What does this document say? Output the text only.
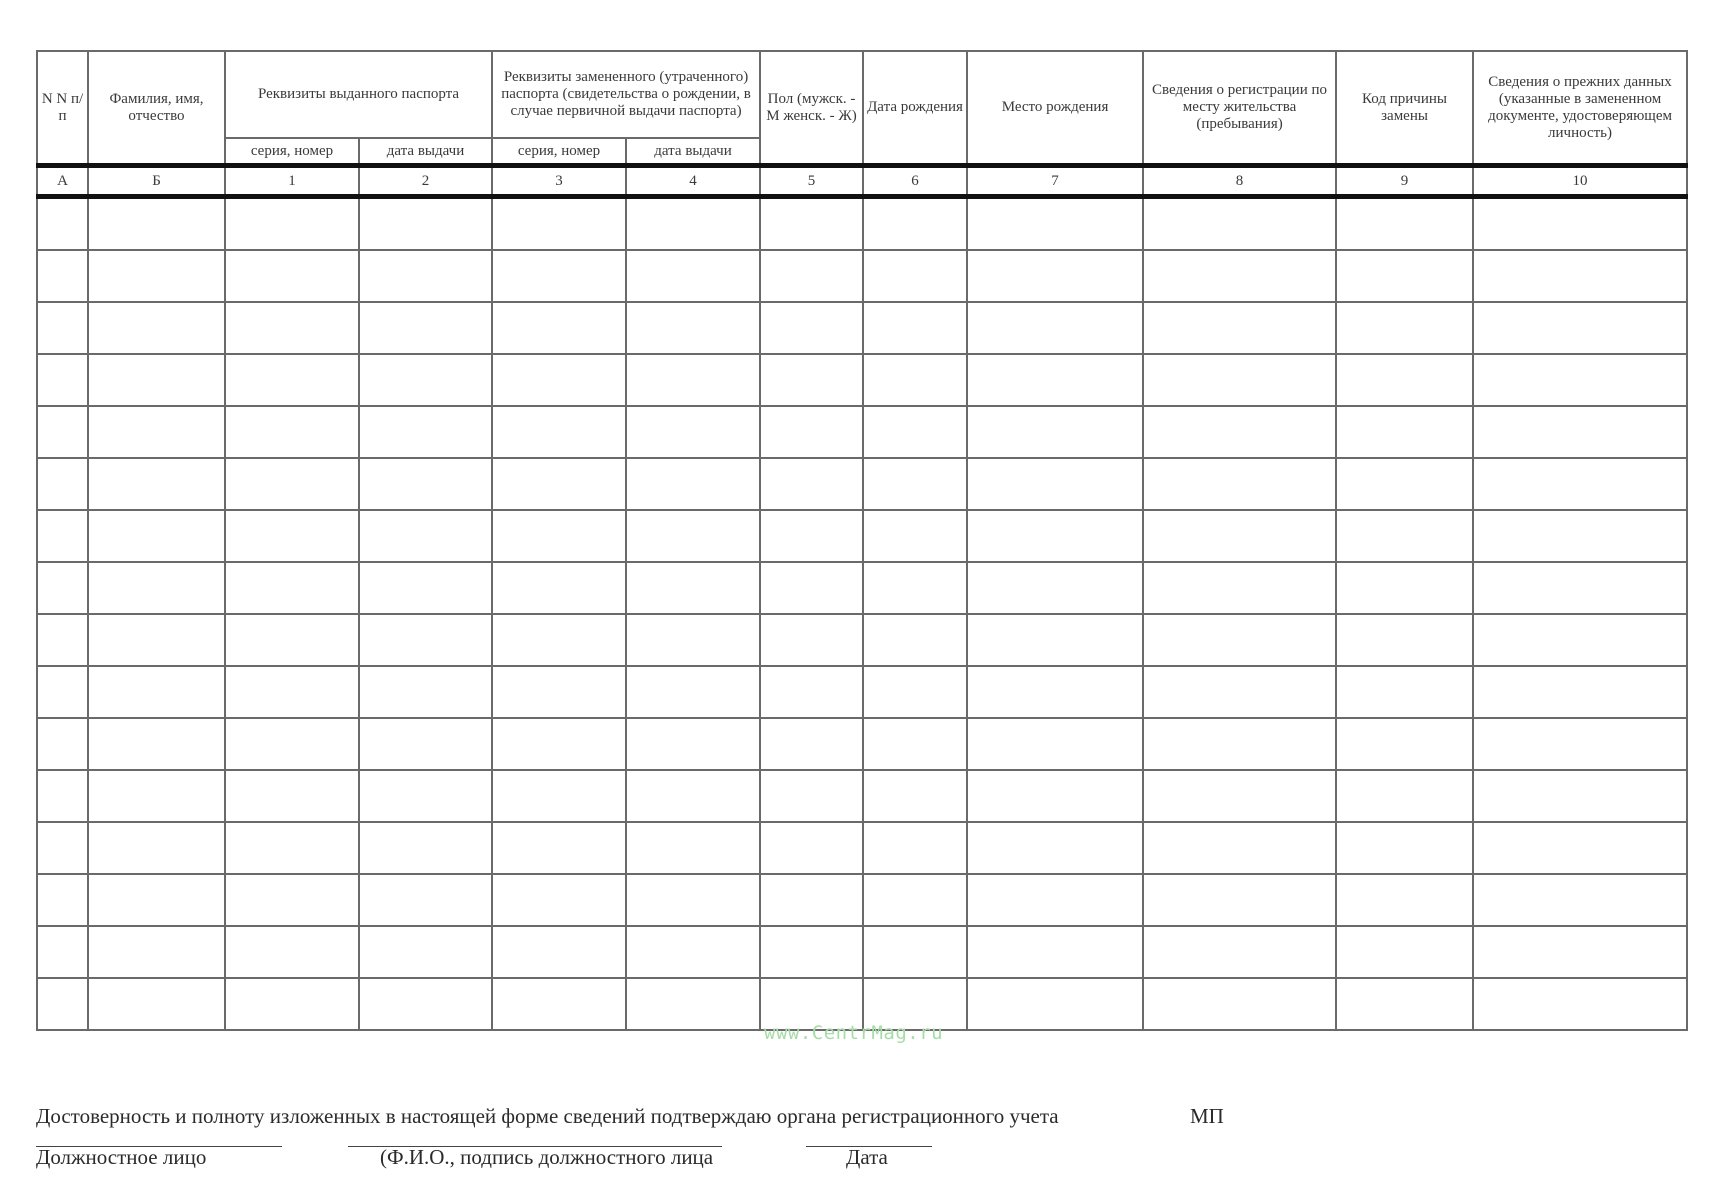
N N п/п	Фамилия, имя, отчество	Реквизиты выданного паспорта		Реквизиты замененного (утраченного) паспорта (свидетельства о рождении, в случае первичной выдачи паспорта)		Пол (мужск. - М женск. - Ж)	Дата рождения	Место рождения	Сведения о регистрации по месту жительства (пребывания)	Код причины замены	Сведения о прежних данных (указанные в замененном документе, удостоверяющем личность)
		серия, номер	дата выдачи	серия, номер	дата выдачи						
А	Б	1	2	3	4	5	6	7	8	9	10

www.CentrMag.ru
Достоверность и полноту изложенных в настоящей форме сведений подтверждаю органа регистрационного учета	МП
Должностное лицо	(Ф.И.О., подпись должностного лица	Дата
